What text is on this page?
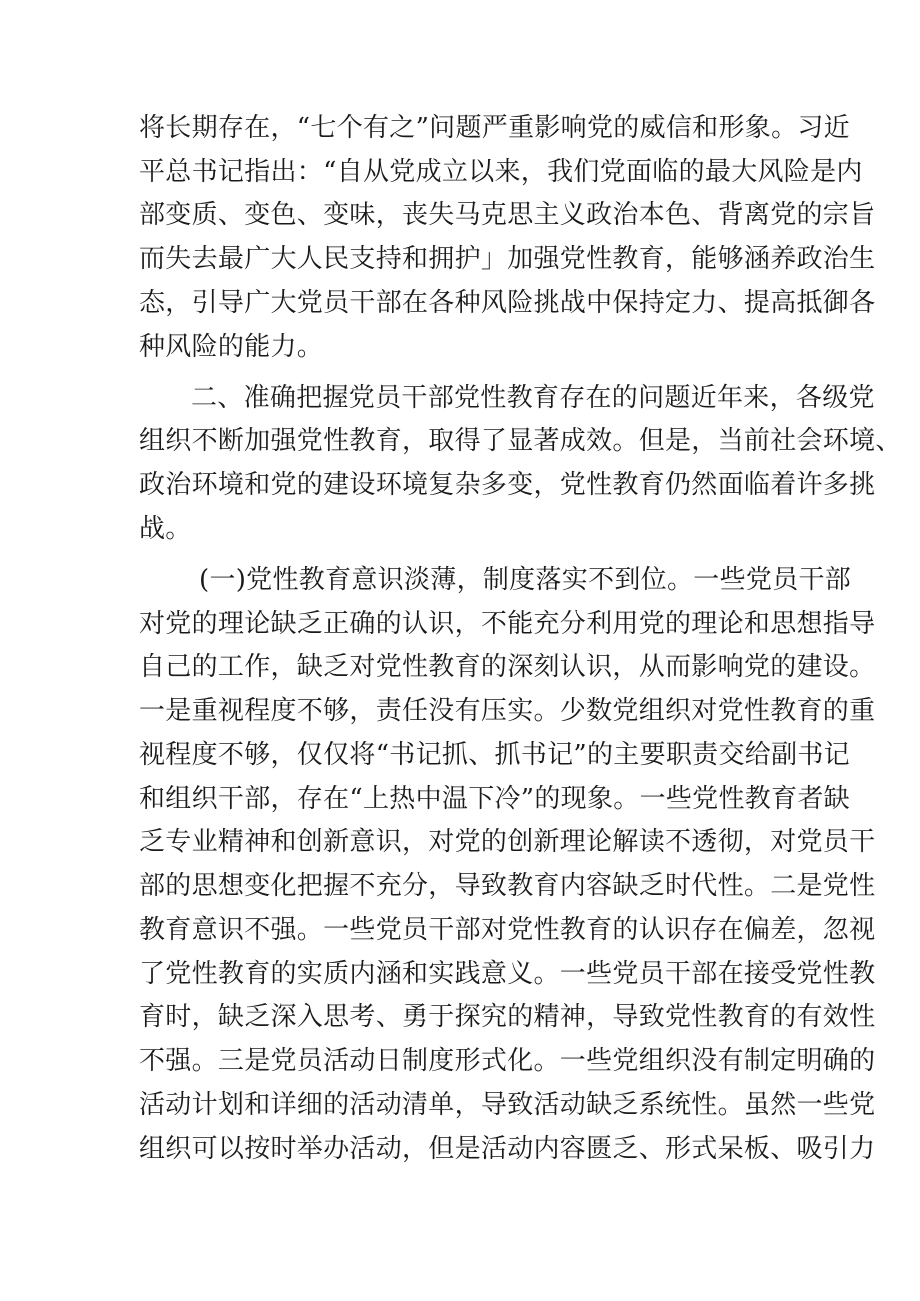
将长期存在，“七个有之”问题严重影响党的威信和形象。习近
平总书记指出：“自从党成立以来，我们党面临的最大风险是内
部变质、变色、变味，丧失马克思主义政治本色、背离党的宗旨
而失去最广大人民支持和拥护」加强党性教育，能够涵养政治生
态，引导广大党员干部在各种风险挑战中保持定力、提高抵御各
种风险的能力。
二、准确把握党员干部党性教育存在的问题近年来，各级党
组织不断加强党性教育，取得了显著成效。但是，当前社会环境、
政治环境和党的建设环境复杂多变，党性教育仍然面临着许多挑
战。
(一)党性教育意识淡薄，制度落实不到位。一些党员干部
对党的理论缺乏正确的认识，不能充分利用党的理论和思想指导
自己的工作，缺乏对党性教育的深刻认识，从而影响党的建设。
一是重视程度不够，责任没有压实。少数党组织对党性教育的重
视程度不够，仅仅将“书记抓、抓书记”的主要职责交给副书记
和组织干部，存在“上热中温下冷”的现象。一些党性教育者缺
乏专业精神和创新意识，对党的创新理论解读不透彻，对党员干
部的思想变化把握不充分，导致教育内容缺乏时代性。二是党性
教育意识不强。一些党员干部对党性教育的认识存在偏差，忽视
了党性教育的实质内涵和实践意义。一些党员干部在接受党性教
育时，缺乏深入思考、勇于探究的精神，导致党性教育的有效性
不强。三是党员活动日制度形式化。一些党组织没有制定明确的
活动计划和详细的活动清单，导致活动缺乏系统性。虽然一些党
组织可以按时举办活动，但是活动内容匮乏、形式呆板、吸引力
